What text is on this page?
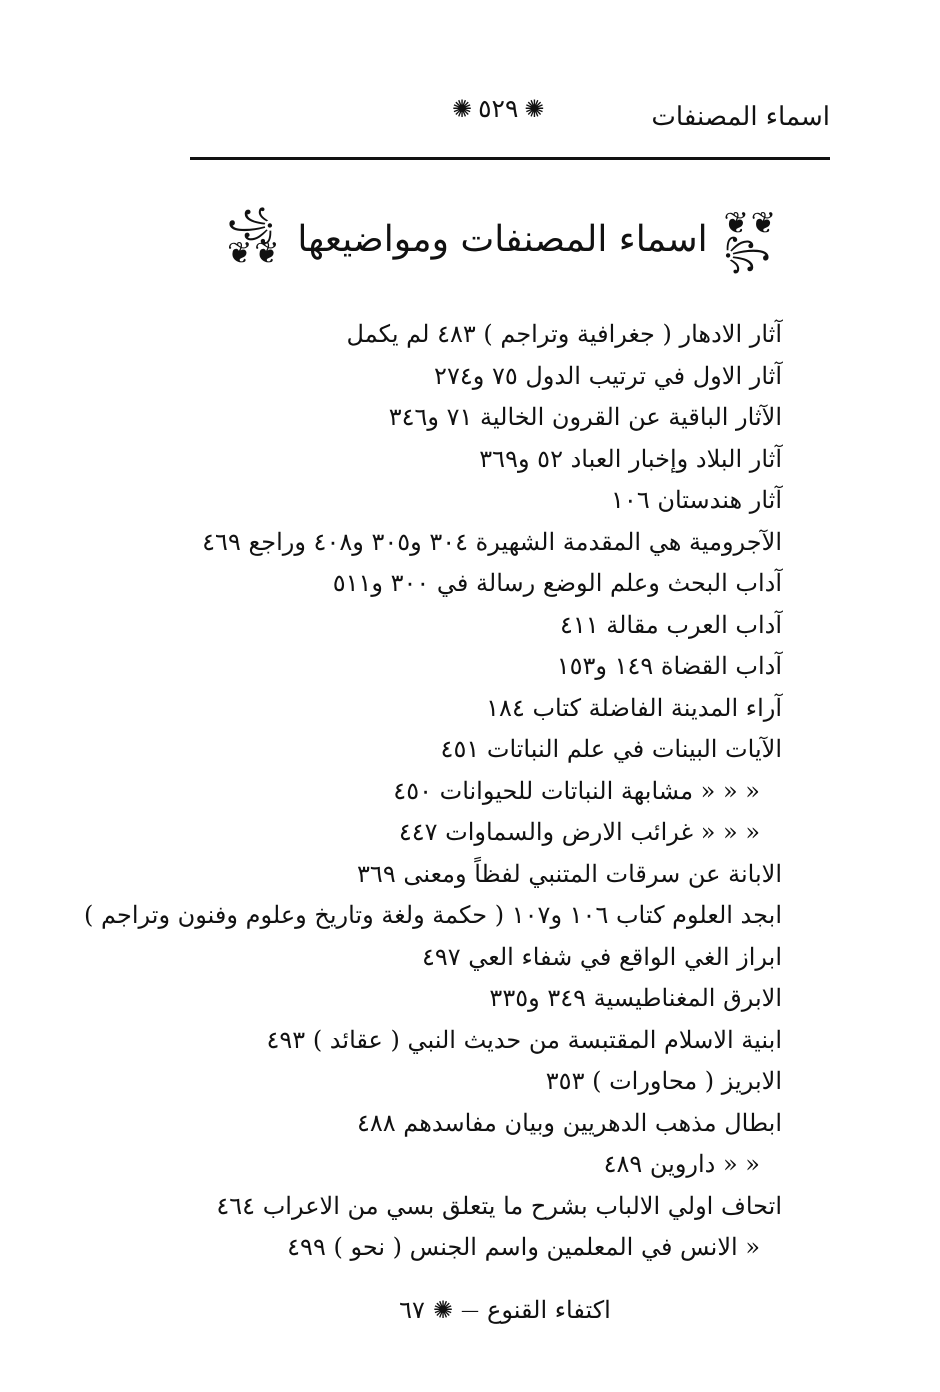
اسماء المصنفات
✺ ٥٢٩ ✺
꧁❦❦ اسماء المصنفات ومواضيعها ❦❦꧂
آثار الادهار ( جغرافية وتراجم ) ٤٨٣ لم يكمل
آثار الاول في ترتيب الدول ٧٥ و٢٧٤
الآثار الباقية عن القرون الخالية ٧١ و٣٤٦
آثار البلاد وإخبار العباد ٥٢ و٣٦٩
آثار هندستان ١٠٦
الآجرومية هي المقدمة الشهيرة ٣٠٤ و٣٠٥ و٤٠٨ وراجع ٤٦٩
آداب البحث وعلم الوضع رسالة في ٣٠٠ و٥١١
آداب العرب مقالة ٤١١
آداب القضاة ١٤٩ و١٥٣
آراء المدينة الفاضلة كتاب ١٨٤
الآيات البينات في علم النباتات ٤٥١
« « « مشابهة النباتات للحيوانات ٤٥٠
« « « غرائب الارض والسماوات ٤٤٧
الابانة عن سرقات المتنبي لفظاً ومعنى ٣٦٩
ابجد العلوم كتاب ١٠٦ و١٠٧ ( حكمة ولغة وتاريخ وعلوم وفنون وتراجم )
ابراز الغي الواقع في شفاء العي ٤٩٧
الابرق المغناطيسية ٣٤٩ و٣٣٥
ابنية الاسلام المقتبسة من حديث النبي ( عقائد ) ٤٩٣
الابريز ( محاورات ) ٣٥٣
ابطال مذهب الدهريين وبيان مفاسدهم ٤٨٨
« « داروين ٤٨٩
اتحاف اولي الالباب بشرح ما يتعلق بسي من الاعراب ٤٦٤
« الانس في المعلمين واسم الجنس ( نحو ) ٤٩٩
٦٧ ✺ — اكتفاء القنوع
